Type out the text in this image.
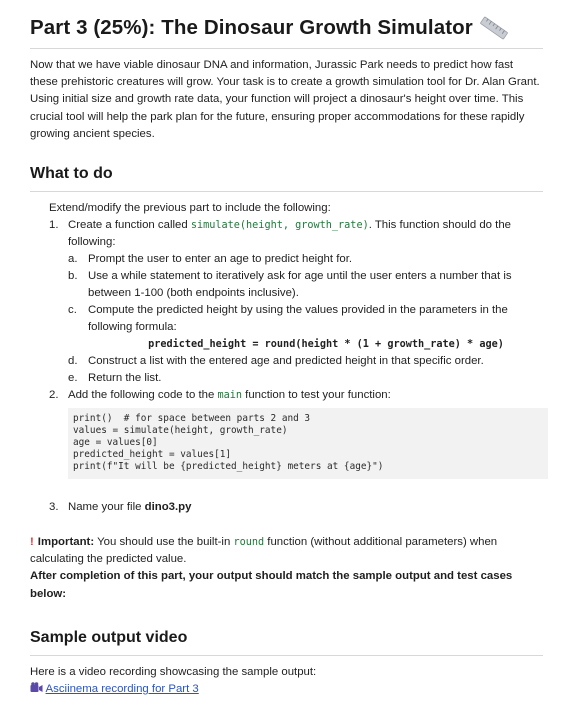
Part 3 (25%): The Dinosaur Growth Simulator

Now that we have viable dinosaur DNA and information, Jurassic Park needs to predict how fast these prehistoric creatures will grow. Your task is to create a growth simulation tool for Dr. Alan Grant. Using initial size and growth rate data, your function will project a dinosaur's height over time. This crucial tool will help the park plan for the future, ensuring proper accommodations for these rapidly growing ancient species.

What to do
Extend/modify the previous part to include the following:
1. Create a function called simulate(height, growth_rate). This function should do the following:
a. Prompt the user to enter an age to predict height for.
b. Use a while statement to iteratively ask for age until the user enters a number that is between 1-100 (both endpoints inclusive).
c. Compute the predicted height by using the values provided in the parameters in the following formula:
predicted_height = round(height * (1 + growth_rate) * age)
d. Construct a list with the entered age and predicted height in that specific order.
e. Return the list.
2. Add the following code to the main function to test your function:
print()  # for space between parts 2 and 3
values = simulate(height, growth_rate)
age = values[0]
predicted_height = values[1]
print(f"It will be {predicted_height} meters at {age}")
3. Name your file dino3.py

! Important: You should use the built-in round function (without additional parameters) when calculating the predicted value.

After completion of this part, your output should match the sample output and test cases below:

Sample output video

Here is a video recording showcasing the sample output:

Asciinema recording for Part 3
